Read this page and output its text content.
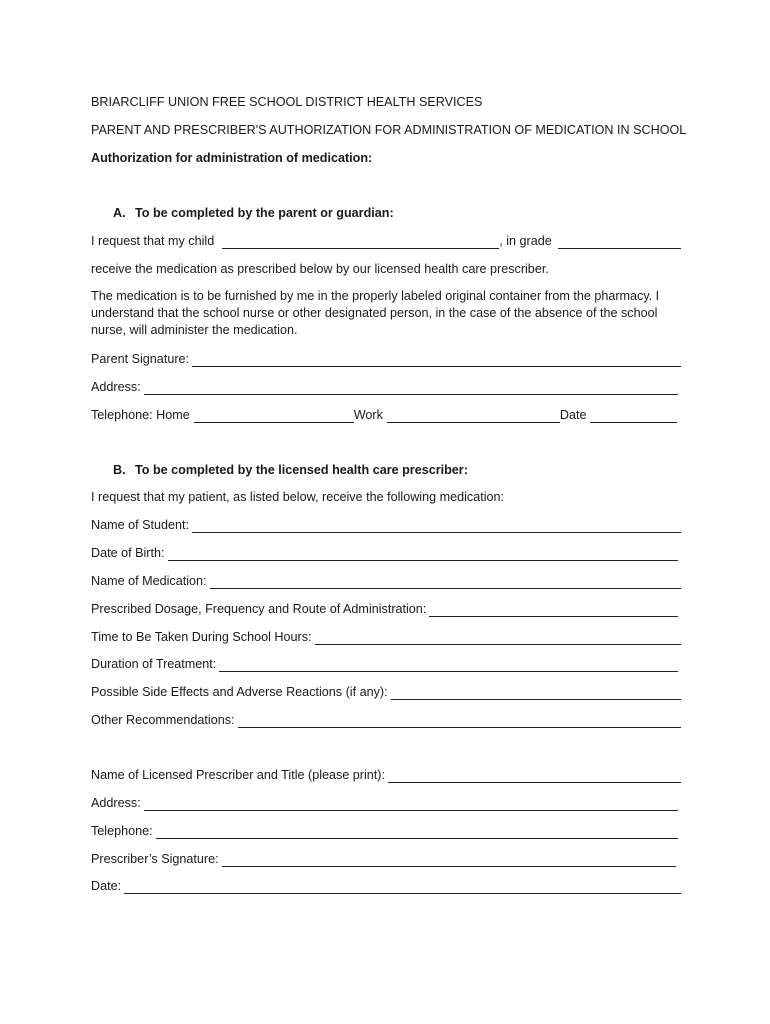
BRIARCLIFF UNION FREE SCHOOL DISTRICT HEALTH SERVICES
PARENT AND PRESCRIBER'S AUTHORIZATION FOR ADMINISTRATION OF MEDICATION IN SCHOOL
Authorization for administration of medication:
A. To be completed by the parent or guardian:
I request that my child	, in grade
receive the medication as prescribed below by our licensed health care prescriber.
The medication is to be furnished by me in the properly labeled original container from the pharmacy. I understand that the school nurse or other designated person, in the case of the absence of the school nurse, will administer the medication.
Parent Signature:
Address:
Telephone: Home	Work	Date
B. To be completed by the licensed health care prescriber:
I request that my patient, as listed below, receive the following medication:
Name of Student:
Date of Birth:
Name of Medication:
Prescribed Dosage, Frequency and Route of Administration:
Time to Be Taken During School Hours:
Duration of Treatment:
Possible Side Effects and Adverse Reactions (if any):
Other Recommendations:
Name of Licensed Prescriber and Title (please print):
Address:
Telephone:
Prescriber’s Signature:
Date:
